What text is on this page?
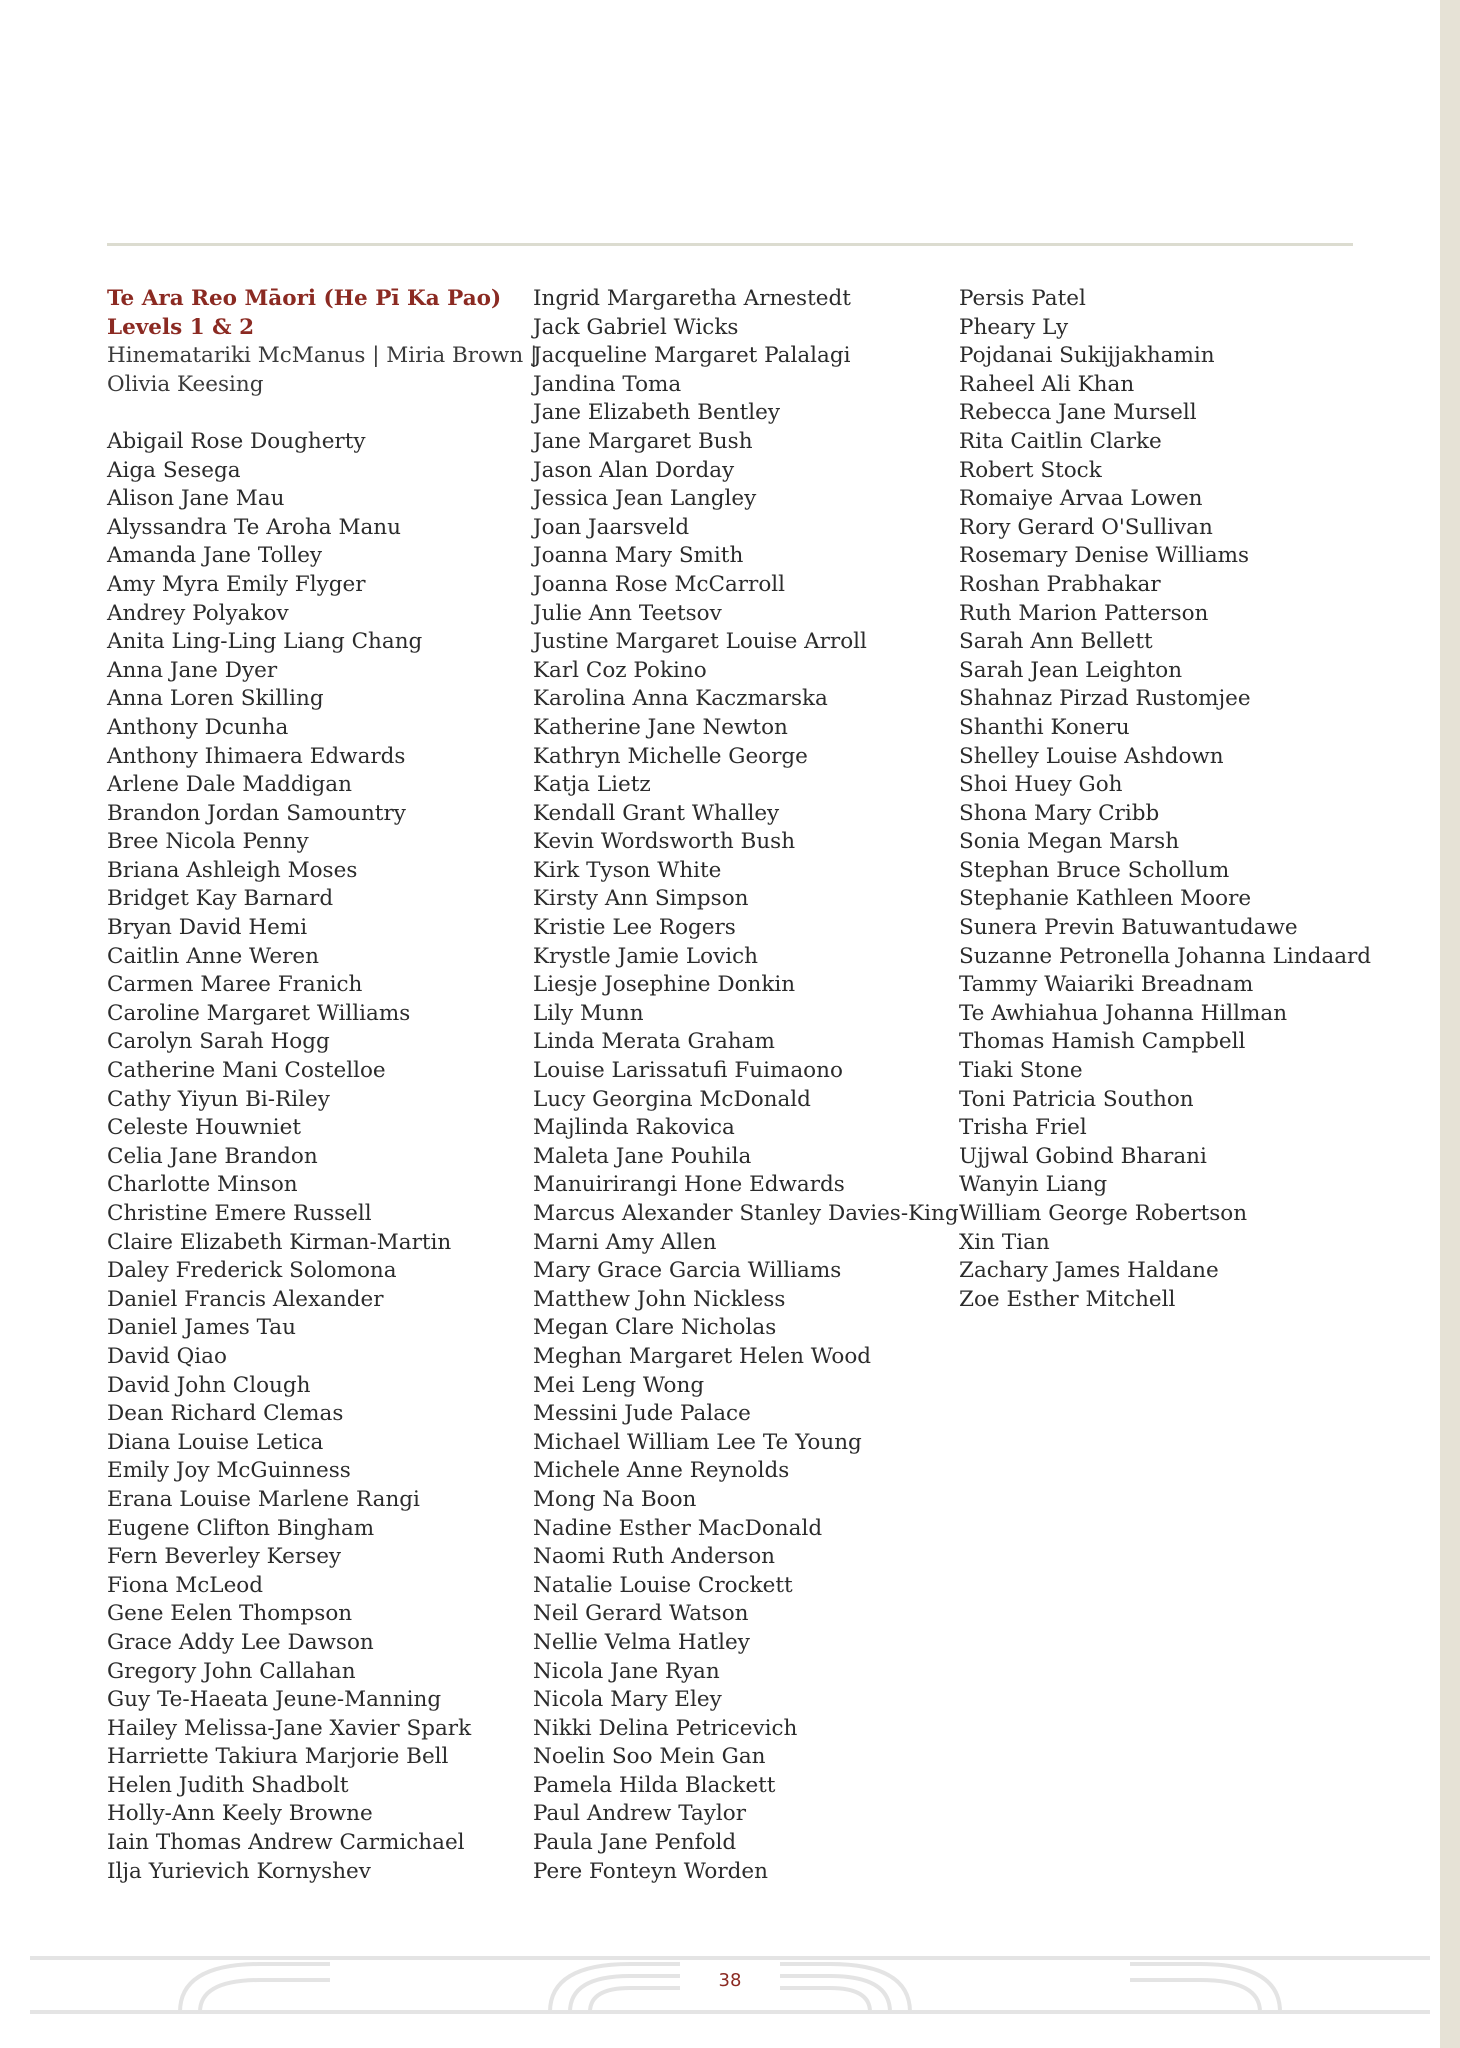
Te Ara Reo Māori (He Pī Ka Pao)
Levels 1 & 2
Hinematariki McManus | Miria Brown |
Olivia Keesing
Abigail Rose Dougherty
Aiga Sesega
Alison Jane Mau
Alyssandra Te Aroha Manu
Amanda Jane Tolley
Amy Myra Emily Flyger
Andrey Polyakov
Anita Ling-Ling Liang Chang
Anna Jane Dyer
Anna Loren Skilling
Anthony Dcunha
Anthony Ihimaera Edwards
Arlene Dale Maddigan
Brandon Jordan Samountry
Bree Nicola Penny
Briana Ashleigh Moses
Bridget Kay Barnard
Bryan David Hemi
Caitlin Anne Weren
Carmen Maree Franich
Caroline Margaret Williams
Carolyn Sarah Hogg
Catherine Mani Costelloe
Cathy Yiyun Bi-Riley
Celeste Houwniet
Celia Jane Brandon
Charlotte Minson
Christine Emere Russell
Claire Elizabeth Kirman-Martin
Daley Frederick Solomona
Daniel Francis Alexander
Daniel James Tau
David Qiao
David John Clough
Dean Richard Clemas
Diana Louise Letica
Emily Joy McGuinness
Erana Louise Marlene Rangi
Eugene Clifton Bingham
Fern Beverley Kersey
Fiona McLeod
Gene Eelen Thompson
Grace Addy Lee Dawson
Gregory John Callahan
Guy Te-Haeata Jeune-Manning
Hailey Melissa-Jane Xavier Spark
Harriette Takiura Marjorie Bell
Helen Judith Shadbolt
Holly-Ann Keely Browne
Iain Thomas Andrew Carmichael
Ilja Yurievich Kornyshev
Ingrid Margaretha Arnestedt
Jack Gabriel Wicks
Jacqueline Margaret Palalagi
Jandina Toma
Jane Elizabeth Bentley
Jane Margaret Bush
Jason Alan Dorday
Jessica Jean Langley
Joan Jaarsveld
Joanna Mary Smith
Joanna Rose McCarroll
Julie Ann Teetsov
Justine Margaret Louise Arroll
Karl Coz Pokino
Karolina Anna Kaczmarska
Katherine Jane Newton
Kathryn Michelle George
Katja Lietz
Kendall Grant Whalley
Kevin Wordsworth Bush
Kirk Tyson White
Kirsty Ann Simpson
Kristie Lee Rogers
Krystle Jamie Lovich
Liesje Josephine Donkin
Lily Munn
Linda Merata Graham
Louise Larissatufi Fuimaono
Lucy Georgina McDonald
Majlinda Rakovica
Maleta Jane Pouhila
Manuirirangi Hone Edwards
Marcus Alexander Stanley Davies-King
Marni Amy Allen
Mary Grace Garcia Williams
Matthew John Nickless
Megan Clare Nicholas
Meghan Margaret Helen Wood
Mei Leng Wong
Messini Jude Palace
Michael William Lee Te Young
Michele Anne Reynolds
Mong Na Boon
Nadine Esther MacDonald
Naomi Ruth Anderson
Natalie Louise Crockett
Neil Gerard Watson
Nellie Velma Hatley
Nicola Jane Ryan
Nicola Mary Eley
Nikki Delina Petricevich
Noelin Soo Mein Gan
Pamela Hilda Blackett
Paul Andrew Taylor
Paula Jane Penfold
Pere Fonteyn Worden
Persis Patel
Pheary Ly
Pojdanai Sukijjakhamin
Raheel Ali Khan
Rebecca Jane Mursell
Rita Caitlin Clarke
Robert Stock
Romaiye Arvaa Lowen
Rory Gerard O'Sullivan
Rosemary Denise Williams
Roshan Prabhakar
Ruth Marion Patterson
Sarah Ann Bellett
Sarah Jean Leighton
Shahnaz Pirzad Rustomjee
Shanthi Koneru
Shelley Louise Ashdown
Shoi Huey Goh
Shona Mary Cribb
Sonia Megan Marsh
Stephan Bruce Schollum
Stephanie Kathleen Moore
Sunera Previn Batuwantudawe
Suzanne Petronella Johanna Lindaard
Tammy Waiariki Breadnam
Te Awhiahua Johanna Hillman
Thomas Hamish Campbell
Tiaki Stone
Toni Patricia Southon
Trisha Friel
Ujjwal Gobind Bharani
Wanyin Liang
William George Robertson
Xin Tian
Zachary James Haldane
Zoe Esther Mitchell
38
